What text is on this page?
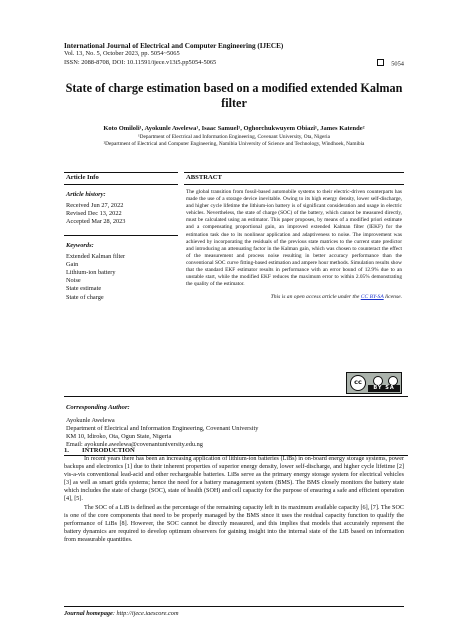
International Journal of Electrical and Computer Engineering (IJECE)
Vol. 13, No. 5, October 2023, pp. 5054~5065
ISSN: 2088-8708, DOI: 10.11591/ijece.v13i5.pp5054-5065	5054
State of charge estimation based on a modified extended Kalman filter
Koto Omiloli¹, Ayokunle Awelewa¹, Isaac Samuel¹, Oghorchukwuyem Obiazi¹, James Katende²
¹Department of Electrical and Information Engineering, Covenant University, Ota, Nigeria
²Department of Electrical and Computer Engineering, Namibia University of Science and Technology, Windhoek, Namibia
Article Info
Article history:
Received Jun 27, 2022
Revised Dec 13, 2022
Accepted Mar 28, 2023
Keywords:
Extended Kalman filter
Gain
Lithium-ion battery
Noise
State estimate
State of charge
ABSTRACT
The global transition from fossil-based automobile systems to their electric-driven counterparts has made the use of a storage device inevitable. Owing to its high energy density, lower self-discharge, and higher cycle lifetime the lithium-ion battery is of significant consideration and usage in electric vehicles. Nevertheless, the state of charge (SOC) of the battery, which cannot be measured directly, must be calculated using an estimator. This paper proposes, by means of a modified priori estimate and a compensating proportional gain, an improved extended Kalman filter (IEKF) for the estimation task due to its nonlinear application and adaptiveness to noise. The improvement was achieved by incorporating the residuals of the previous state matrices to the current state predictor and introducing an attenuating factor in the Kalman gain, which was chosen to counteract the effect of the measurement and process noise resulting in better accuracy performance than the conventional SOC curve fitting-based estimation and ampere hour methods. Simulation results show that the standard EKF estimator results in performance with an error bound of 12.9% due to an unstable start, while the modified EKF reduces the maximum error to within 2.05% demonstrating the quality of the estimator.
This is an open access article under the CC BY-SA license.
cc
BY SA
Corresponding Author:
Ayokunle Awelewa
Department of Electrical and Information Engineering, Covenant University
KM 10, Idiroko, Ota, Ogun State, Nigeria
Email: ayokunle.awelewa@covenantuniversity.edu.ng
1. INTRODUCTION

In recent years there has been an increasing application of lithium-ion batteries (LiBs) in on-board energy storage systems, power backups and electronics [1] due to their inherent properties of superior energy density, lower self-discharge, and higher cycle lifetime [2] vis-a-vis conventional lead-acid and other rechargeable batteries. LiBs serve as the primary energy storage system for electrical vehicles [3] as well as smart grids systems; hence the need for a battery management system (BMS). The BMS closely monitors the battery state which includes the state of charge (SOC), state of health (SOH) and cell capacity for the purpose of ensuring a safe and efficient operation [4], [5].

The SOC of a LiB is defined as the percentage of the remaining capacity left in its maximum available capacity [6], [7]. The SOC is one of the core components that need to be properly managed by the BMS since it uses the residual capacity function to qualify the performance of LiBs [8]. However, the SOC cannot be directly measured, and this implies that models that accurately represent the battery dynamics are required to develop optimum observers for gaining insight into the internal state of the LiB based on information from measurable quantities.

Journal homepage: http://ijece.iaescore.com
